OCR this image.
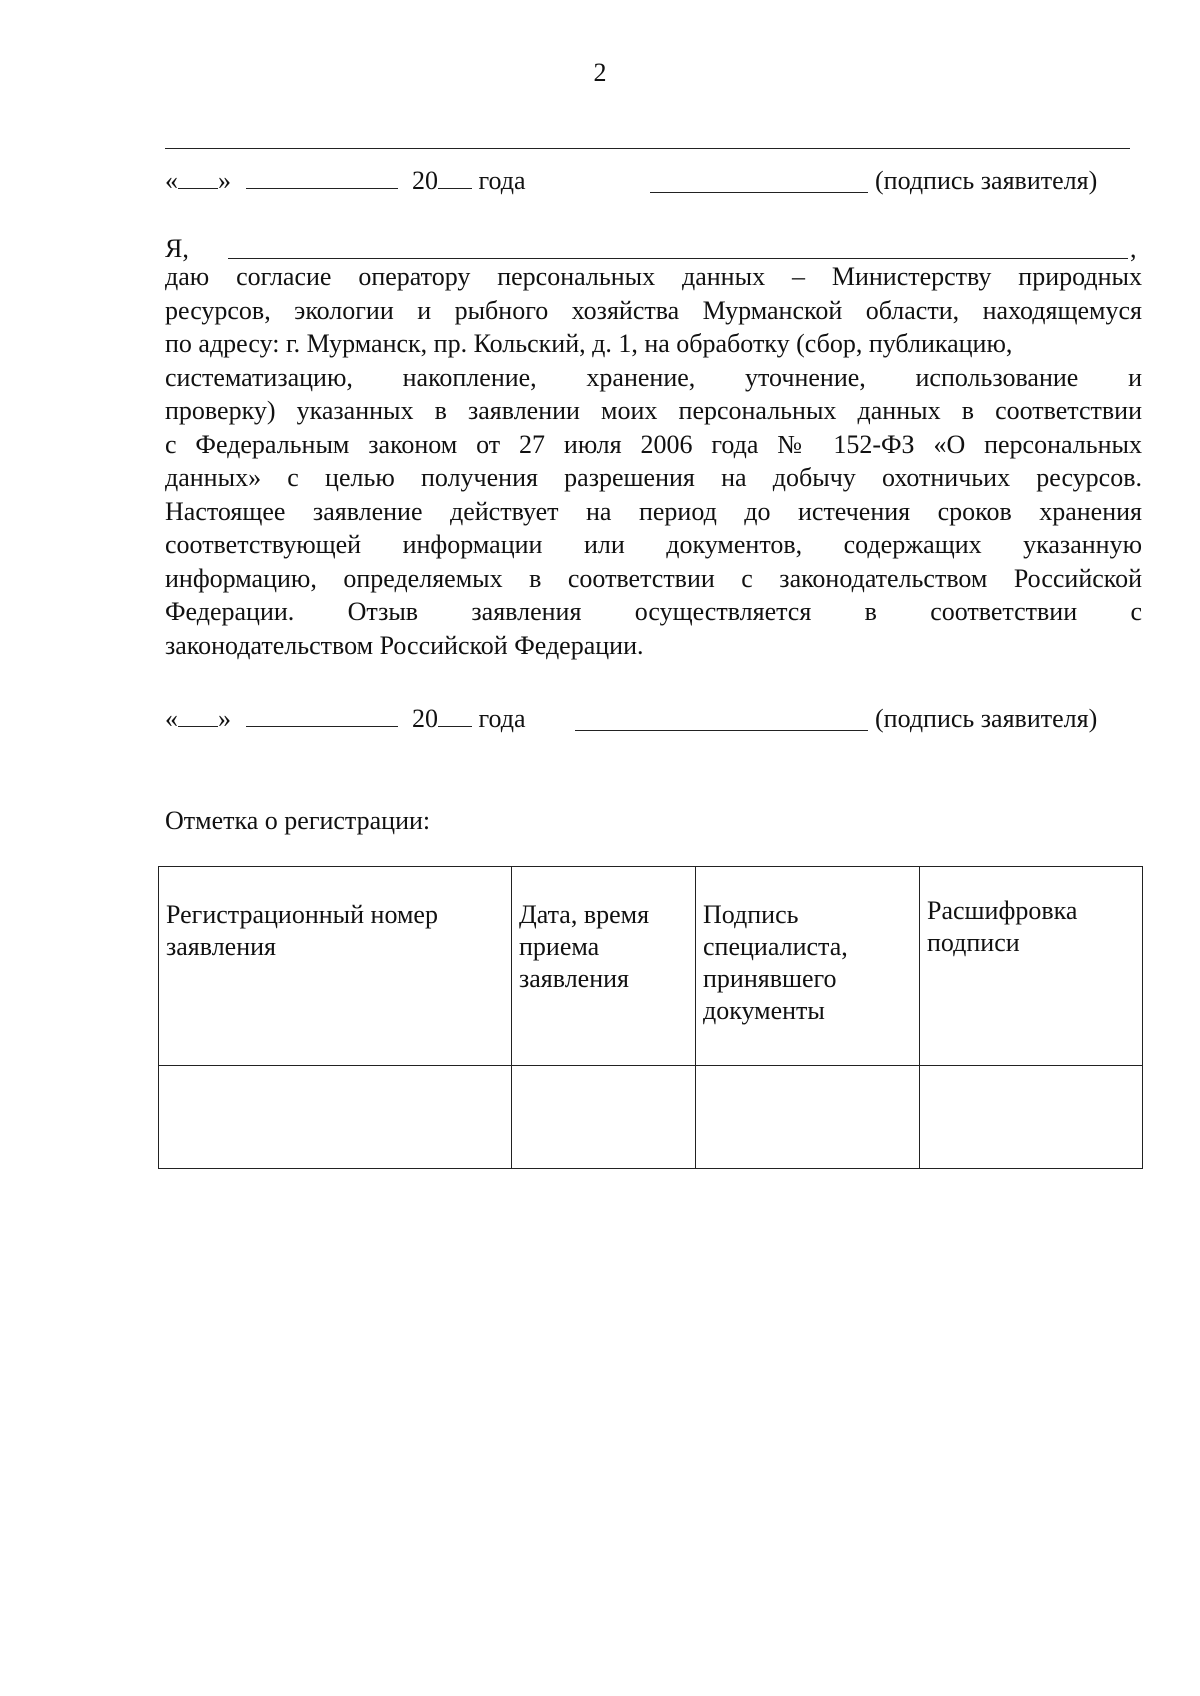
2
« »	20 года	(подпись заявителя)
Я,	,
даю согласие оператору персональных данных – Министерству природных
ресурсов, экологии и рыбного хозяйства Мурманской области, находящемуся
по адресу: г. Мурманск, пр. Кольский, д. 1, на обработку (сбор, публикацию,
систематизацию, накопление, хранение, уточнение, использование и
проверку) указанных в заявлении моих персональных данных в соответствии
с Федеральным законом от 27 июля 2006 года № 152-ФЗ «О персональных
данных» с целью получения разрешения на добычу охотничьих ресурсов.
Настоящее заявление действует на период до истечения сроков хранения
соответствующей информации или документов, содержащих указанную
информацию, определяемых в соответствии с законодательством Российской
Федерации. Отзыв заявления осуществляется в соответствии с
законодательством Российской Федерации.
« »	20 года	(подпись заявителя)
Отметка о регистрации:
Регистрационный номер заявления	Дата, время приема заявления	Подпись специалиста, принявшего документы	Расшифровка подписи
